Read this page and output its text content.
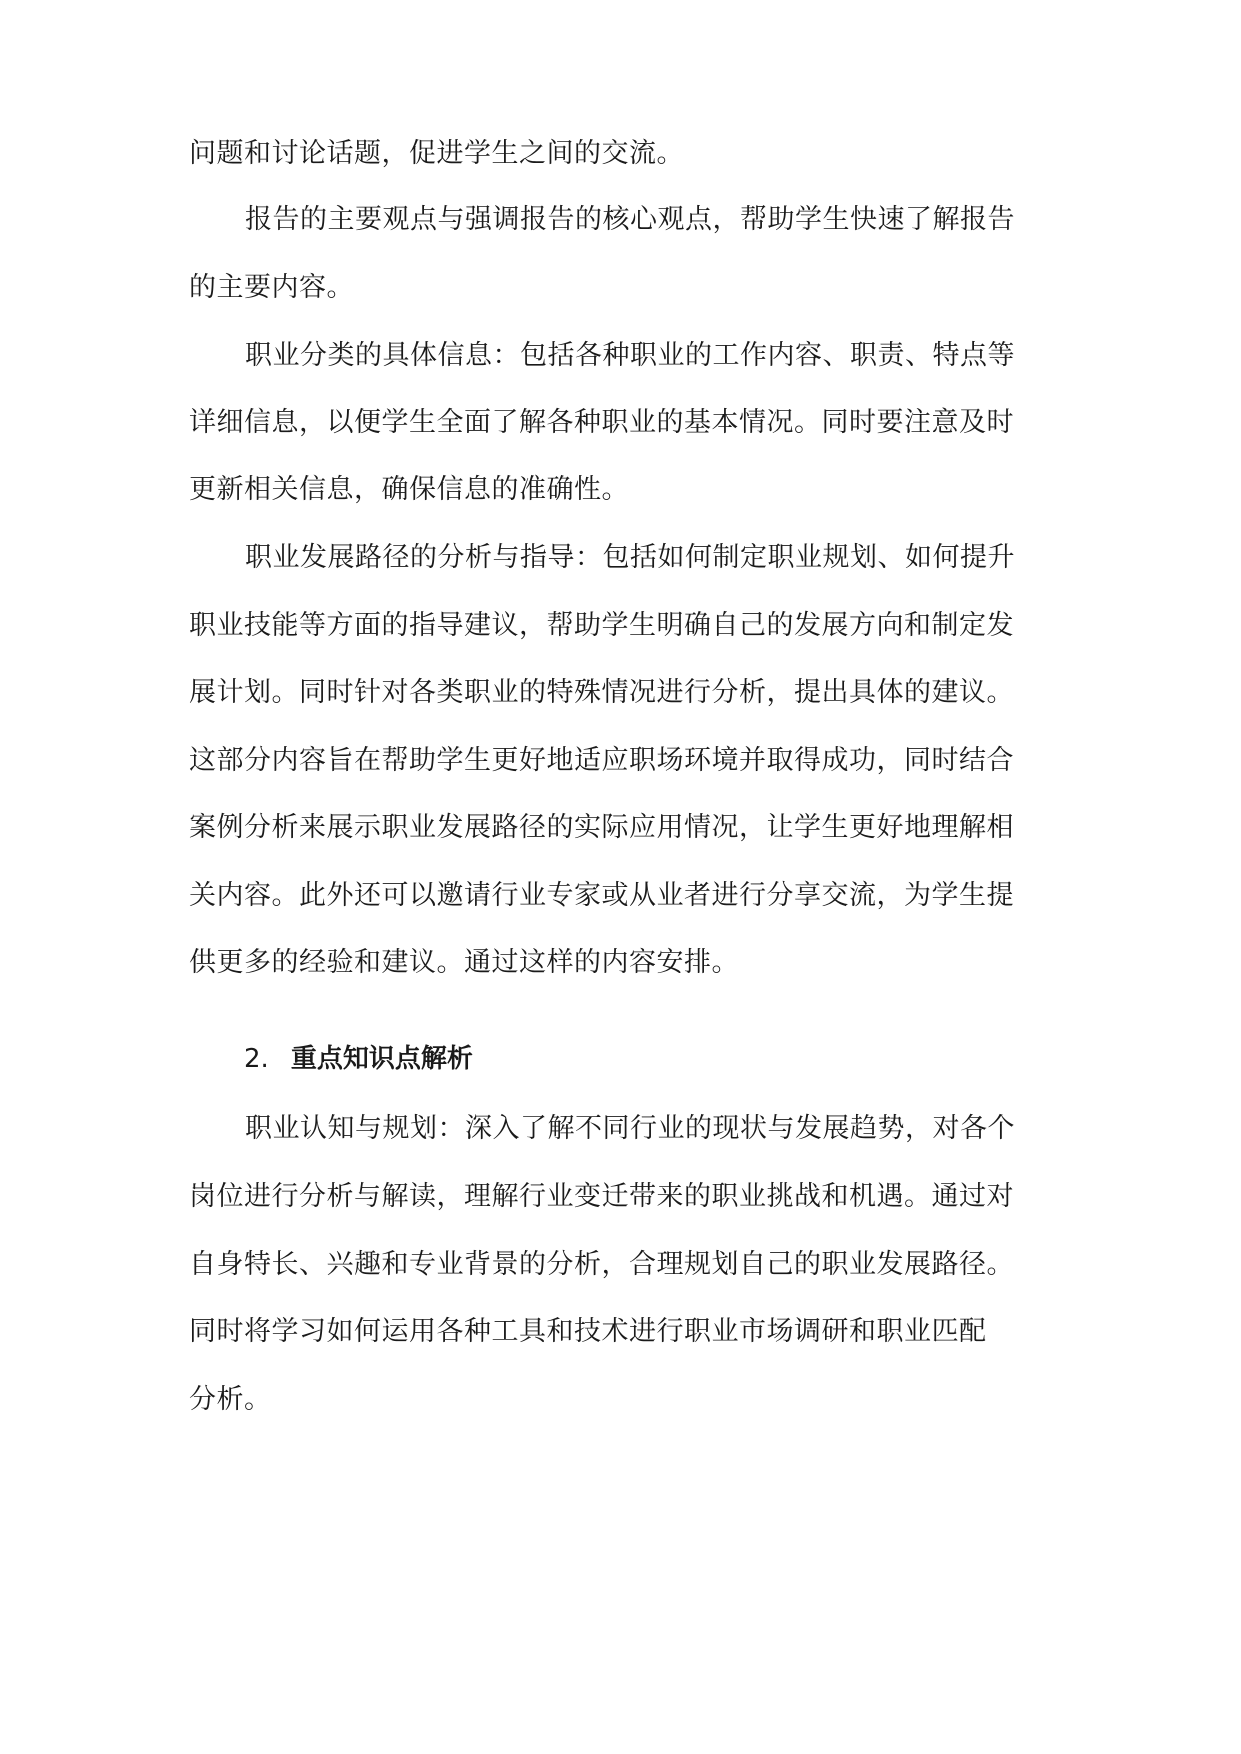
问题和讨论话题，促进学生之间的交流。
报告的主要观点与强调报告的核心观点，帮助学生快速了解报告
的主要内容。
职业分类的具体信息：包括各种职业的工作内容、职责、特点等
详细信息，以便学生全面了解各种职业的基本情况。同时要注意及时
更新相关信息，确保信息的准确性。
职业发展路径的分析与指导：包括如何制定职业规划、如何提升
职业技能等方面的指导建议，帮助学生明确自己的发展方向和制定发
展计划。同时针对各类职业的特殊情况进行分析，提出具体的建议。
这部分内容旨在帮助学生更好地适应职场环境并取得成功，同时结合
案例分析来展示职业发展路径的实际应用情况，让学生更好地理解相
关内容。此外还可以邀请行业专家或从业者进行分享交流，为学生提
供更多的经验和建议。通过这样的内容安排。
2. 重点知识点解析
职业认知与规划：深入了解不同行业的现状与发展趋势，对各个
岗位进行分析与解读，理解行业变迁带来的职业挑战和机遇。通过对
自身特长、兴趣和专业背景的分析，合理规划自己的职业发展路径。
同时将学习如何运用各种工具和技术进行职业市场调研和职业匹配
分析。
